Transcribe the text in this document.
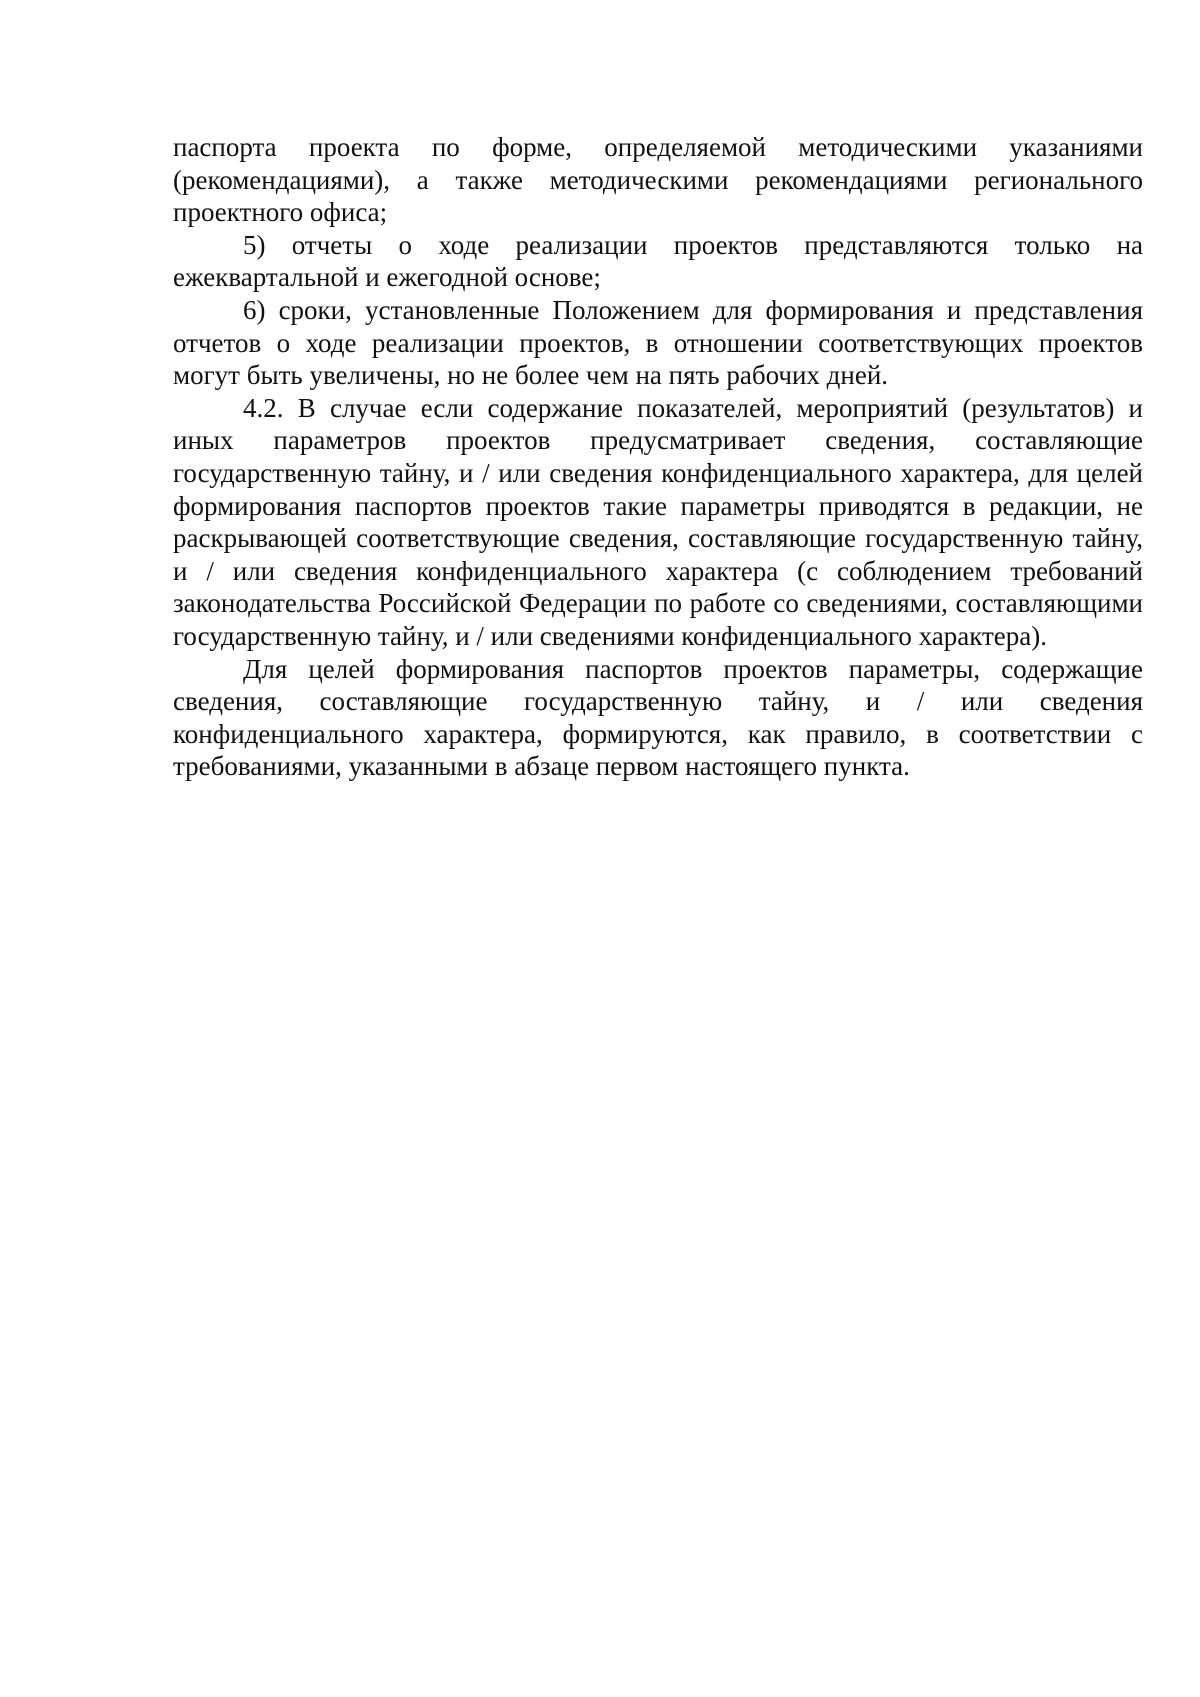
паспорта проекта по форме, определяемой методическими указаниями (рекомендациями), а также методическими рекомендациями регионального проектного офиса;

5) отчеты о ходе реализации проектов представляются только на ежеквартальной и ежегодной основе;

6) сроки, установленные Положением для формирования и представления отчетов о ходе реализации проектов, в отношении соответствующих проектов могут быть увеличены, но не более чем на пять рабочих дней.

4.2. В случае если содержание показателей, мероприятий (результатов) и иных параметров проектов предусматривает сведения, составляющие государственную тайну, и / или сведения конфиденциального характера, для целей формирования паспортов проектов такие параметры приводятся в редакции, не раскрывающей соответствующие сведения, составляющие государственную тайну, и / или сведения конфиденциального характера (с соблюдением требований законодательства Российской Федерации по работе со сведениями, составляющими государственную тайну, и / или сведениями конфиденциального характера).

Для целей формирования паспортов проектов параметры, содержащие сведения, составляющие государственную тайну, и / или сведения конфиденциального характера, формируются, как правило, в соответствии с требованиями, указанными в абзаце первом настоящего пункта.
